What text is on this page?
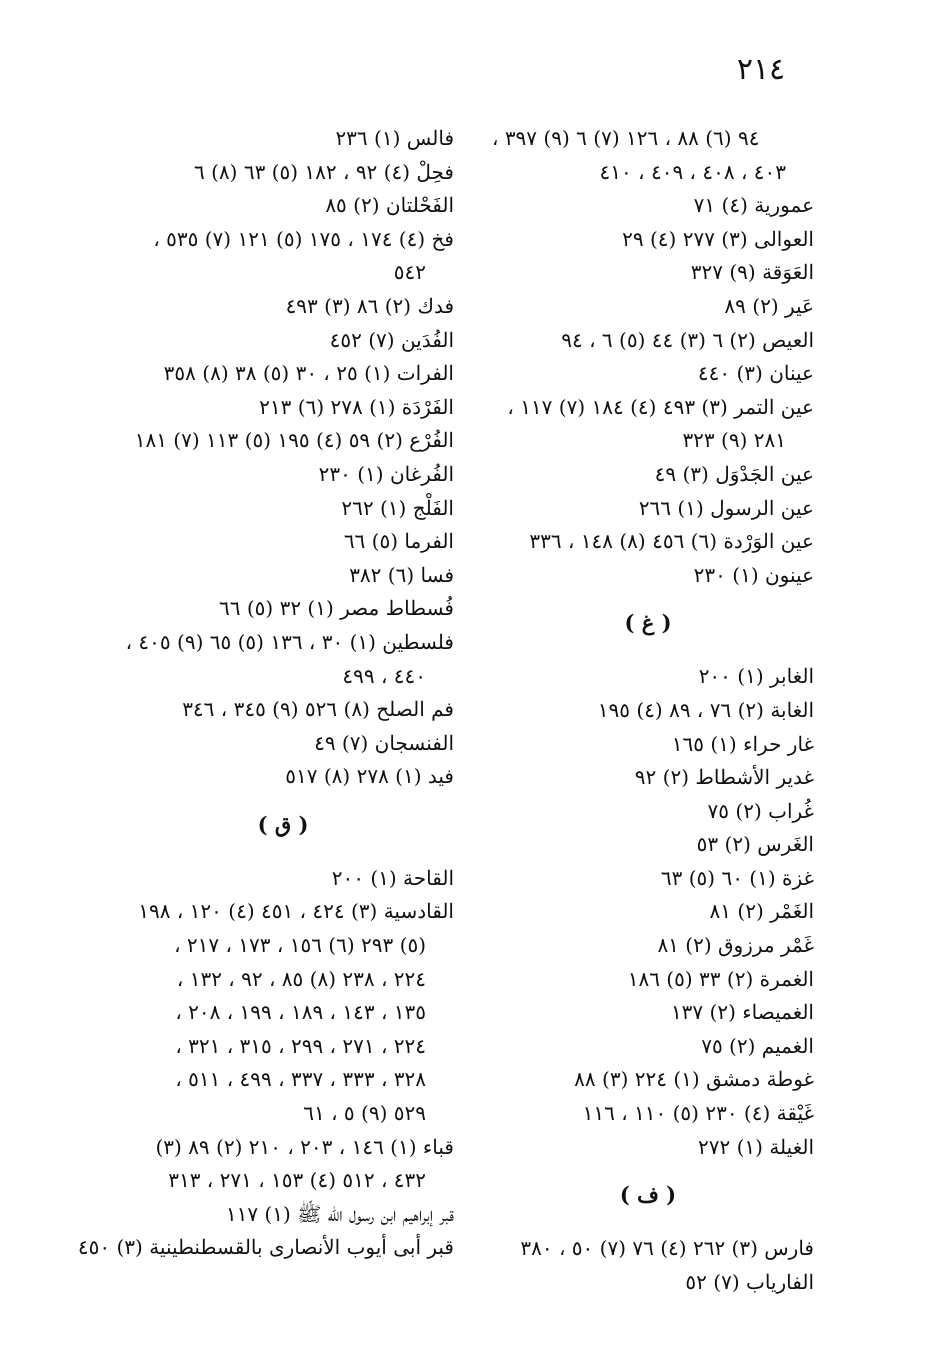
٢١٤
٩٤ (٦) ٨٨ ، ١٢٦ (٧) ٦ (٩) ٣٩٧ ،
٤٠٣ ، ٤٠٨ ، ٤٠٩ ، ٤١٠
عمورية (٤) ٧١
العوالى (٣) ٢٧٧ (٤) ٢٩
العَوَقة (٩) ٣٢٧
عَير (٢) ٨٩
العيص (٢) ٦ (٣) ٤٤ (٥) ٦ ، ٩٤
عينان (٣) ٤٤٠
عين التمر (٣) ٤٩٣ (٤) ١٨٤ (٧) ١١٧ ،
٢٨١ (٩) ٣٢٣
عين الجَدْوَل (٣) ٤٩
عين الرسول (١) ٢٦٦
عين الوَرْدة (٦) ٤٥٦ (٨) ١٤٨ ، ٣٣٦
عينون (١) ٢٣٠
( غ )
الغابر (١) ٢٠٠
الغابة (٢) ٧٦ ، ٨٩ (٤) ١٩٥
غار حراء (١) ١٦٥
غدير الأشطاط (٢) ٩٢
غُراب (٢) ٧٥
الغَرس (٢) ٥٣
غزة (١) ٦٠ (٥) ٦٣
الغَمْر (٢) ٨١
غَمْر مرزوق (٢) ٨١
الغمرة (٢) ٣٣ (٥) ١٨٦
الغميصاء (٢) ١٣٧
الغميم (٢) ٧٥
غوطة دمشق (١) ٢٢٤ (٣) ٨٨
غَيْقة (٤) ٢٣٠ (٥) ١١٠ ، ١١٦
الغيلة (١) ٢٧٢
( ف )
فارس (٣) ٢٦٢ (٤) ٧٦ (٧) ٥٠ ، ٣٨٠
الفارياب (٧) ٥٢
فالس (١) ٢٣٦
فحِلْ (٤) ٩٢ ، ١٨٢ (٥) ٦٣ (٨) ٦
الفَحْلتان (٢) ٨٥
فخ (٤) ١٧٤ ، ١٧٥ (٥) ١٢١ (٧) ٥٣٥ ،
٥٤٢
فدك (٢) ٨٦ (٣) ٤٩٣
الفُدَين (٧) ٤٥٢
الفرات (١) ٢٥ ، ٣٠ (٥) ٣٨ (٨) ٣٥٨
الفَرْدَة (١) ٢٧٨ (٦) ٢١٣
الفُرْع (٢) ٥٩ (٤) ١٩٥ (٥) ١١٣ (٧) ١٨١
الفُرغان (١) ٢٣٠
الفَلْج (١) ٢٦٢
الفرما (٥) ٦٦
فسا (٦) ٣٨٢
فُسطاط مصر (١) ٣٢ (٥) ٦٦
فلسطين (١) ٣٠ ، ١٣٦ (٥) ٦٥ (٩) ٤٠٥ ،
٤٤٠ ، ٤٩٩
فم الصلح (٨) ٥٢٦ (٩) ٣٤٥ ، ٣٤٦
الفنسجان (٧) ٤٩
فيد (١) ٢٧٨ (٨) ٥١٧
( ق )
القاحة (١) ٢٠٠
القادسية (٣) ٤٢٤ ، ٤٥١ (٤) ١٢٠ ، ١٩٨
(٥) ٢٩٣ (٦) ١٥٦ ، ١٧٣ ، ٢١٧ ،
٢٢٤ ، ٢٣٨ (٨) ٨٥ ، ٩٢ ، ١٣٢ ،
١٣٥ ، ١٤٣ ، ١٨٩ ، ١٩٩ ، ٢٠٨ ،
٢٢٤ ، ٢٧١ ، ٢٩٩ ، ٣١٥ ، ٣٢١ ،
٣٢٨ ، ٣٣٣ ، ٣٣٧ ، ٤٩٩ ، ٥١١ ،
٥٢٩ (٩) ٥ ، ٦١
قباء (١) ١٤٦ ، ٢٠٣ ، ٢١٠ (٢) ٨٩ (٣)
٤٣٢ ، ٥١٢ (٤) ١٥٣ ، ٢٧١ ، ٣١٣
قبر إبراهيم ابن رسول الله ﷺ (١) ١١٧
قبر أبى أيوب الأنصارى بالقسطنطينية (٣) ٤٥٠
